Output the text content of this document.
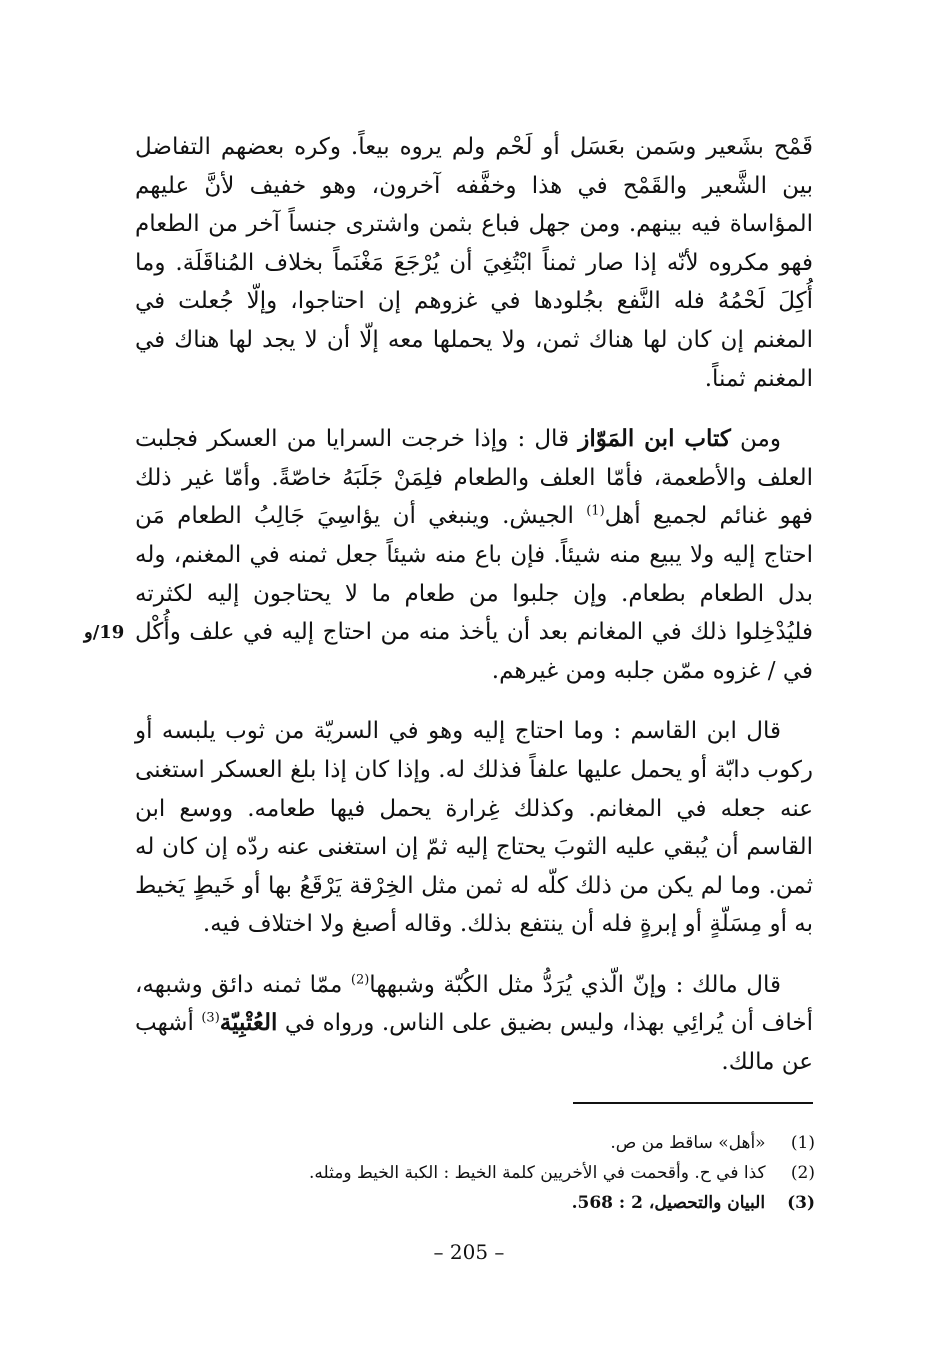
قَمْح بشَعير وسَمن بعَسَل أو لَحْم ولم يروه بيعاً. وكره بعضهم التفاضل بين الشَّعير والقَمْح في هذا وخفَّفه آخرون، وهو خفيف لأنَّ عليهم المؤاساة فيه بينهم. ومن جهل فباع بثمن واشترى جنساً آخر من الطعام فهو مكروه لأنّه إذا صار ثمناً ابْتُغِيَ أن يُرْجَعَ مَغْنَماً بخلاف المُناقَلَة. وما أُكِلَ لَحْمُهُ فله النَّفع بجُلودها في غزوهم إن احتاجوا، وإلّا جُعلت في المغنم إن كان لها هناك ثمن، ولا يحملها معه إلّا أن لا يجد لها هناك في المغنم ثمناً.

ومن كتاب ابن المَوّاز قال : وإذا خرجت السرايا من العسكر فجلبت العلف والأطعمة، فأمّا العلف والطعام فلِمَنْ جَلَبَهُ خاصّةً. وأمّا غير ذلك فهو غنائم لجميع أهل$^{(1)}$ الجيش. وينبغي أن يؤاسِيَ جَالِبُ الطعام مَن احتاج إليه ولا يبيع منه شيئاً. فإن باع منه شيئاً جعل ثمنه في المغنم، وله بدل الطعام بطعام. وإن جلبوا من طعام ما لا يحتاجون إليه لكثرته فليُدْخِلوا ذلك في المغانم بعد أن يأخذ منه من احتاج إليه في علف وأُكْل في / غزوه ممّن جلبه ومن غيرهم.

قال ابن القاسم : وما احتاج إليه وهو في السريّة من ثوب يلبسه أو ركوب دابّة أو يحمل عليها علفاً فذلك له. وإذا كان إذا بلغ العسكر استغنى عنه جعله في المغانم. وكذلك غِرارة يحمل فيها طعامه. ووسع ابن القاسم أن يُبقي عليه الثوبَ يحتاج إليه ثمّ إن استغنى عنه ردّه إن كان له ثمن. وما لم يكن من ذلك كلّه له ثمن مثل الخِرْقة يَرْقَعُ بها أو خَيطٍ يَخيط به أو مِسَلّةٍ أو إبرةٍ فله أن ينتفع بذلك. وقاله أصبغ ولا اختلاف فيه.

قال مالك : وإنّ الّذي يُرَدُّ مثل الكُبّة وشبهها$^{(2)}$ ممّا ثمنه دائق وشبهه، أخاف أن يُرائِي بهذا، وليس بضيق على الناس. ورواه في العُتْبِيّة$^{(3)}$ أشهب عن مالك.

19/و
(1) «أهل» ساقط من ص.
(2) كذا في ح. وأقحمت في الأخريين كلمة الخيط : الكبة الخيط ومثله.
(3) البيان والتحصيل، 2 : 568.
– 205 –
